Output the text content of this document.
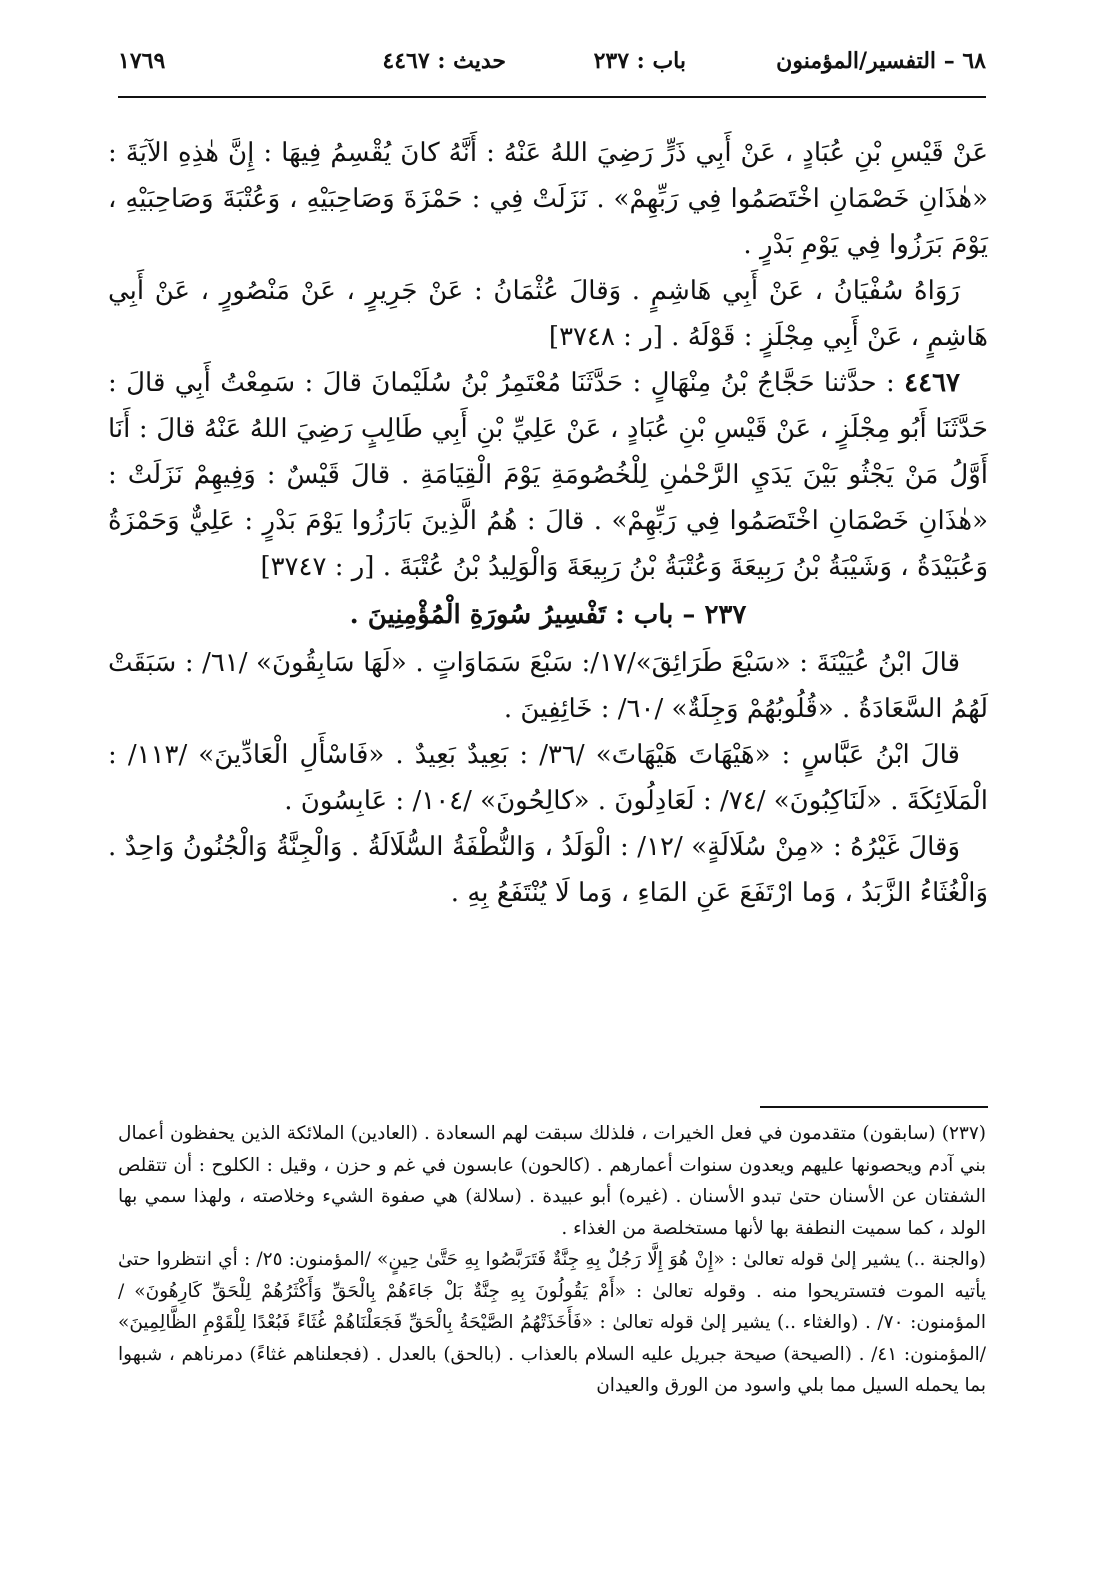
٦٨ – التفسير/المؤمنون
باب : ٢٣٧
حديث : ٤٤٦٧
١٧٦٩

عَنْ قَيْسِ بْنِ عُبَادٍ ، عَنْ أَبِي ذَرٍّ رَضِيَ اللهُ عَنْهُ : أَنَّهُ كانَ يُقْسِمُ فِيهَا : إِنَّ هٰذِهِ الآيَةَ : «هٰذَانِ خَصْمَانِ اخْتَصَمُوا فِي رَبِّهِمْ» . نَزَلَتْ فِي : حَمْزَةَ وَصَاحِبَيْهِ ، وَعُتْبَةَ وَصَاحِبَيْهِ ، يَوْمَ بَرَزُوا فِي يَوْمِ بَدْرٍ .

رَوَاهُ سُفْيَانُ ، عَنْ أَبِي هَاشِمٍ . وَقالَ عُثْمَانُ : عَنْ جَرِيرٍ ، عَنْ مَنْصُورٍ ، عَنْ أَبِي هَاشِمٍ ، عَنْ أَبِي مِجْلَزٍ : قَوْلَهُ . [ر : ٣٧٤٨]

٤٤٦٧ : حدَّثنا حَجَّاجُ بْنُ مِنْهَالٍ : حَدَّثَنَا مُعْتَمِرُ بْنُ سُلَيْمانَ قالَ : سَمِعْتُ أَبِي قالَ : حَدَّثَنَا أَبُو مِجْلَزٍ ، عَنْ قَيْسِ بْنِ عُبَادٍ ، عَنْ عَلِيِّ بْنِ أَبِي طَالِبٍ رَضِيَ اللهُ عَنْهُ قالَ : أَنَا أَوَّلُ مَنْ يَجْثُو بَيْنَ يَدَيِ الرَّحْمٰنِ لِلْخُصُومَةِ يَوْمَ الْقِيَامَةِ . قالَ قَيْسٌ : وَفِيهِمْ نَزَلَتْ : «هٰذَانِ خَصْمَانِ اخْتَصَمُوا فِي رَبِّهِمْ» . قالَ : هُمُ الَّذِينَ بَارَزُوا يَوْمَ بَدْرٍ : عَلِيٌّ وَحَمْزَةُ وَعُبَيْدَةُ ، وَشَيْبَةُ بْنُ رَبِيعَةَ وَعُتْبَةُ بْنُ رَبِيعَةَ وَالْوَلِيدُ بْنُ عُتْبَةَ . [ر : ٣٧٤٧]

٢٣٧ – باب : تَفْسِيرُ سُورَةِ الْمُؤْمِنِينَ .

قالَ ابْنُ عُيَيْنَةَ : «سَبْعَ طَرَائِقَ»/١٧/: سَبْعَ سَمَاوَاتٍ . «لَهَا سَابِقُونَ» /٦١/ : سَبَقَتْ لَهُمُ السَّعَادَةُ . «قُلُوبُهُمْ وَجِلَةٌ» /٦٠/ : خَائِفِينَ .

قالَ ابْنُ عَبَّاسٍ : «هَيْهَاتَ هَيْهَاتَ» /٣٦/ : بَعِيدٌ بَعِيدٌ . «فَاسْأَلِ الْعَادِّينَ» /١١٣/ : الْمَلَائِكَةَ . «لَنَاكِبُونَ» /٧٤/ : لَعَادِلُونَ . «كالِحُونَ» /١٠٤/ : عَابِسُونَ .

وَقالَ غَيْرُهُ : «مِنْ سُلَالَةٍ» /١٢/ : الْوَلَدُ ، وَالنُّطْفَةُ السُّلَالَةُ . وَالْجِنَّةُ وَالْجُنُونُ وَاحِدٌ . وَالْغُثَاءُ الزَّبَدُ ، وَما ارْتَفَعَ عَنِ المَاءِ ، وَما لَا يُنْتَفَعُ بِهِ .

(٢٣٧) (سابقون) متقدمون في فعل الخيرات ، فلذلك سبقت لهم السعادة . (العادين) الملائكة الذين يحفظون أعمال بني آدم ويحصونها عليهم ويعدون سنوات أعمارهم . (كالحون) عابسون في غم و حزن ، وقيل : الكلوح : أن تتقلص الشفتان عن الأسنان حتىٰ تبدو الأسنان . (غيره) أبو عبيدة . (سلالة) هي صفوة الشيء وخلاصته ، ولهذا سمي بها الولد ، كما سميت النطفة بها لأنها مستخلصة من الغذاء .

(والجنة ..) يشير إلىٰ قوله تعالىٰ : «إِنْ هُوَ إِلَّا رَجُلٌ بِهِ جِنَّةٌ فَتَرَبَّصُوا بِهِ حَتَّىٰ حِينٍ» /المؤمنون: ٢٥/ : أي انتظروا حتىٰ يأتيه الموت فتستريحوا منه . وقوله تعالىٰ : «أَمْ يَقُولُونَ بِهِ جِنَّةٌ بَلْ جَاءَهُمْ بِالْحَقِّ وَأَكْثَرُهُمْ لِلْحَقِّ كَارِهُونَ» /المؤمنون: ٧٠/ . (والغثاء ..) يشير إلىٰ قوله تعالىٰ : «فَأَخَذَتْهُمُ الصَّيْحَةُ بِالْحَقِّ فَجَعَلْنَاهُمْ غُثَاءً فَبُعْدًا لِلْقَوْمِ الظَّالِمِينَ» /المؤمنون: ٤١/ . (الصيحة) صيحة جبريل عليه السلام بالعذاب . (بالحق) بالعدل . (فجعلناهم غثاءً) دمرناهم ، شبهوا بما يحمله السيل مما بلي واسود من الورق والعيدان
